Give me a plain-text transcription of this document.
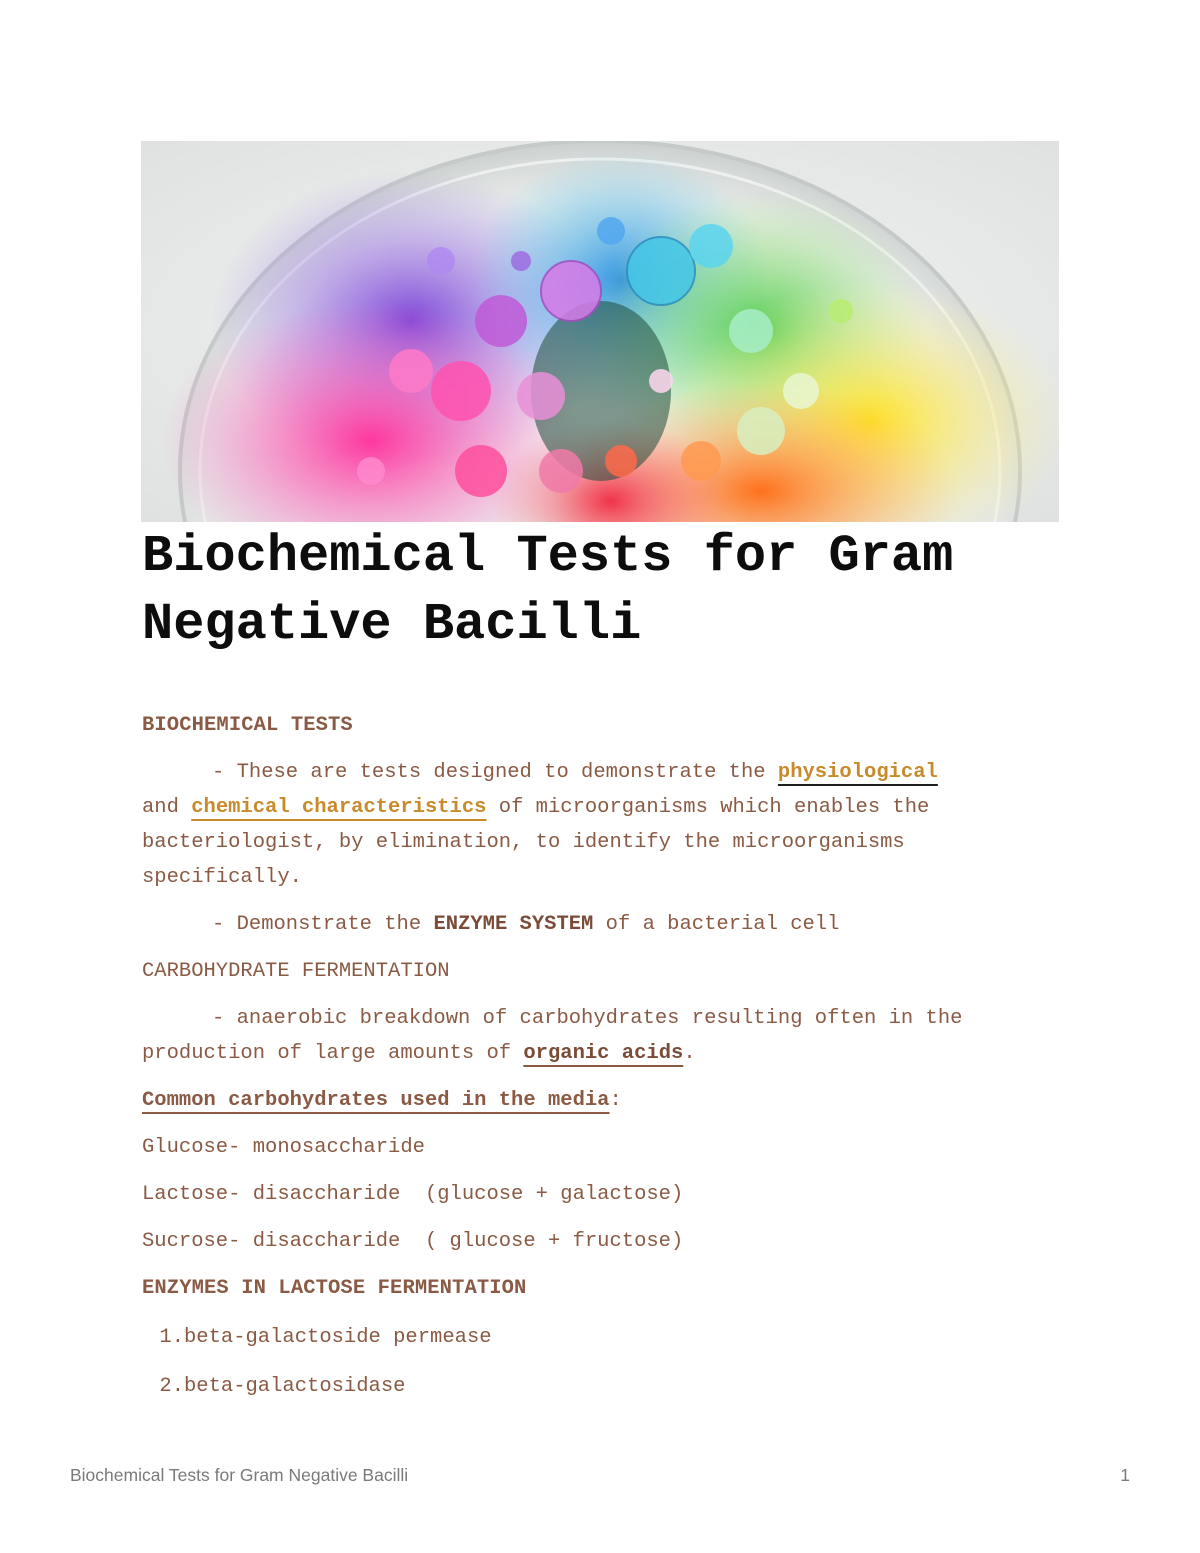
Biochemical Tests for Gram Negative Bacilli

BIOCHEMICAL TESTS

- These are tests designed to demonstrate the physiological
and chemical characteristics of microorganisms which enables the bacteriologist, by elimination, to identify the microorganisms specifically.

- Demonstrate the ENZYME SYSTEM of a bacterial cell

CARBOHYDRATE FERMENTATION

- anaerobic breakdown of carbohydrates resulting often in the production of large amounts of organic acids.

Common carbohydrates used in the media:

Glucose- monosaccharide

Lactose- disaccharide  (glucose + galactose)

Sucrose- disaccharide  ( glucose + fructose)

ENZYMES IN LACTOSE FERMENTATION

1. beta-galactoside permease
2. beta-galactosidase
Biochemical Tests for Gram Negative Bacilli	1
